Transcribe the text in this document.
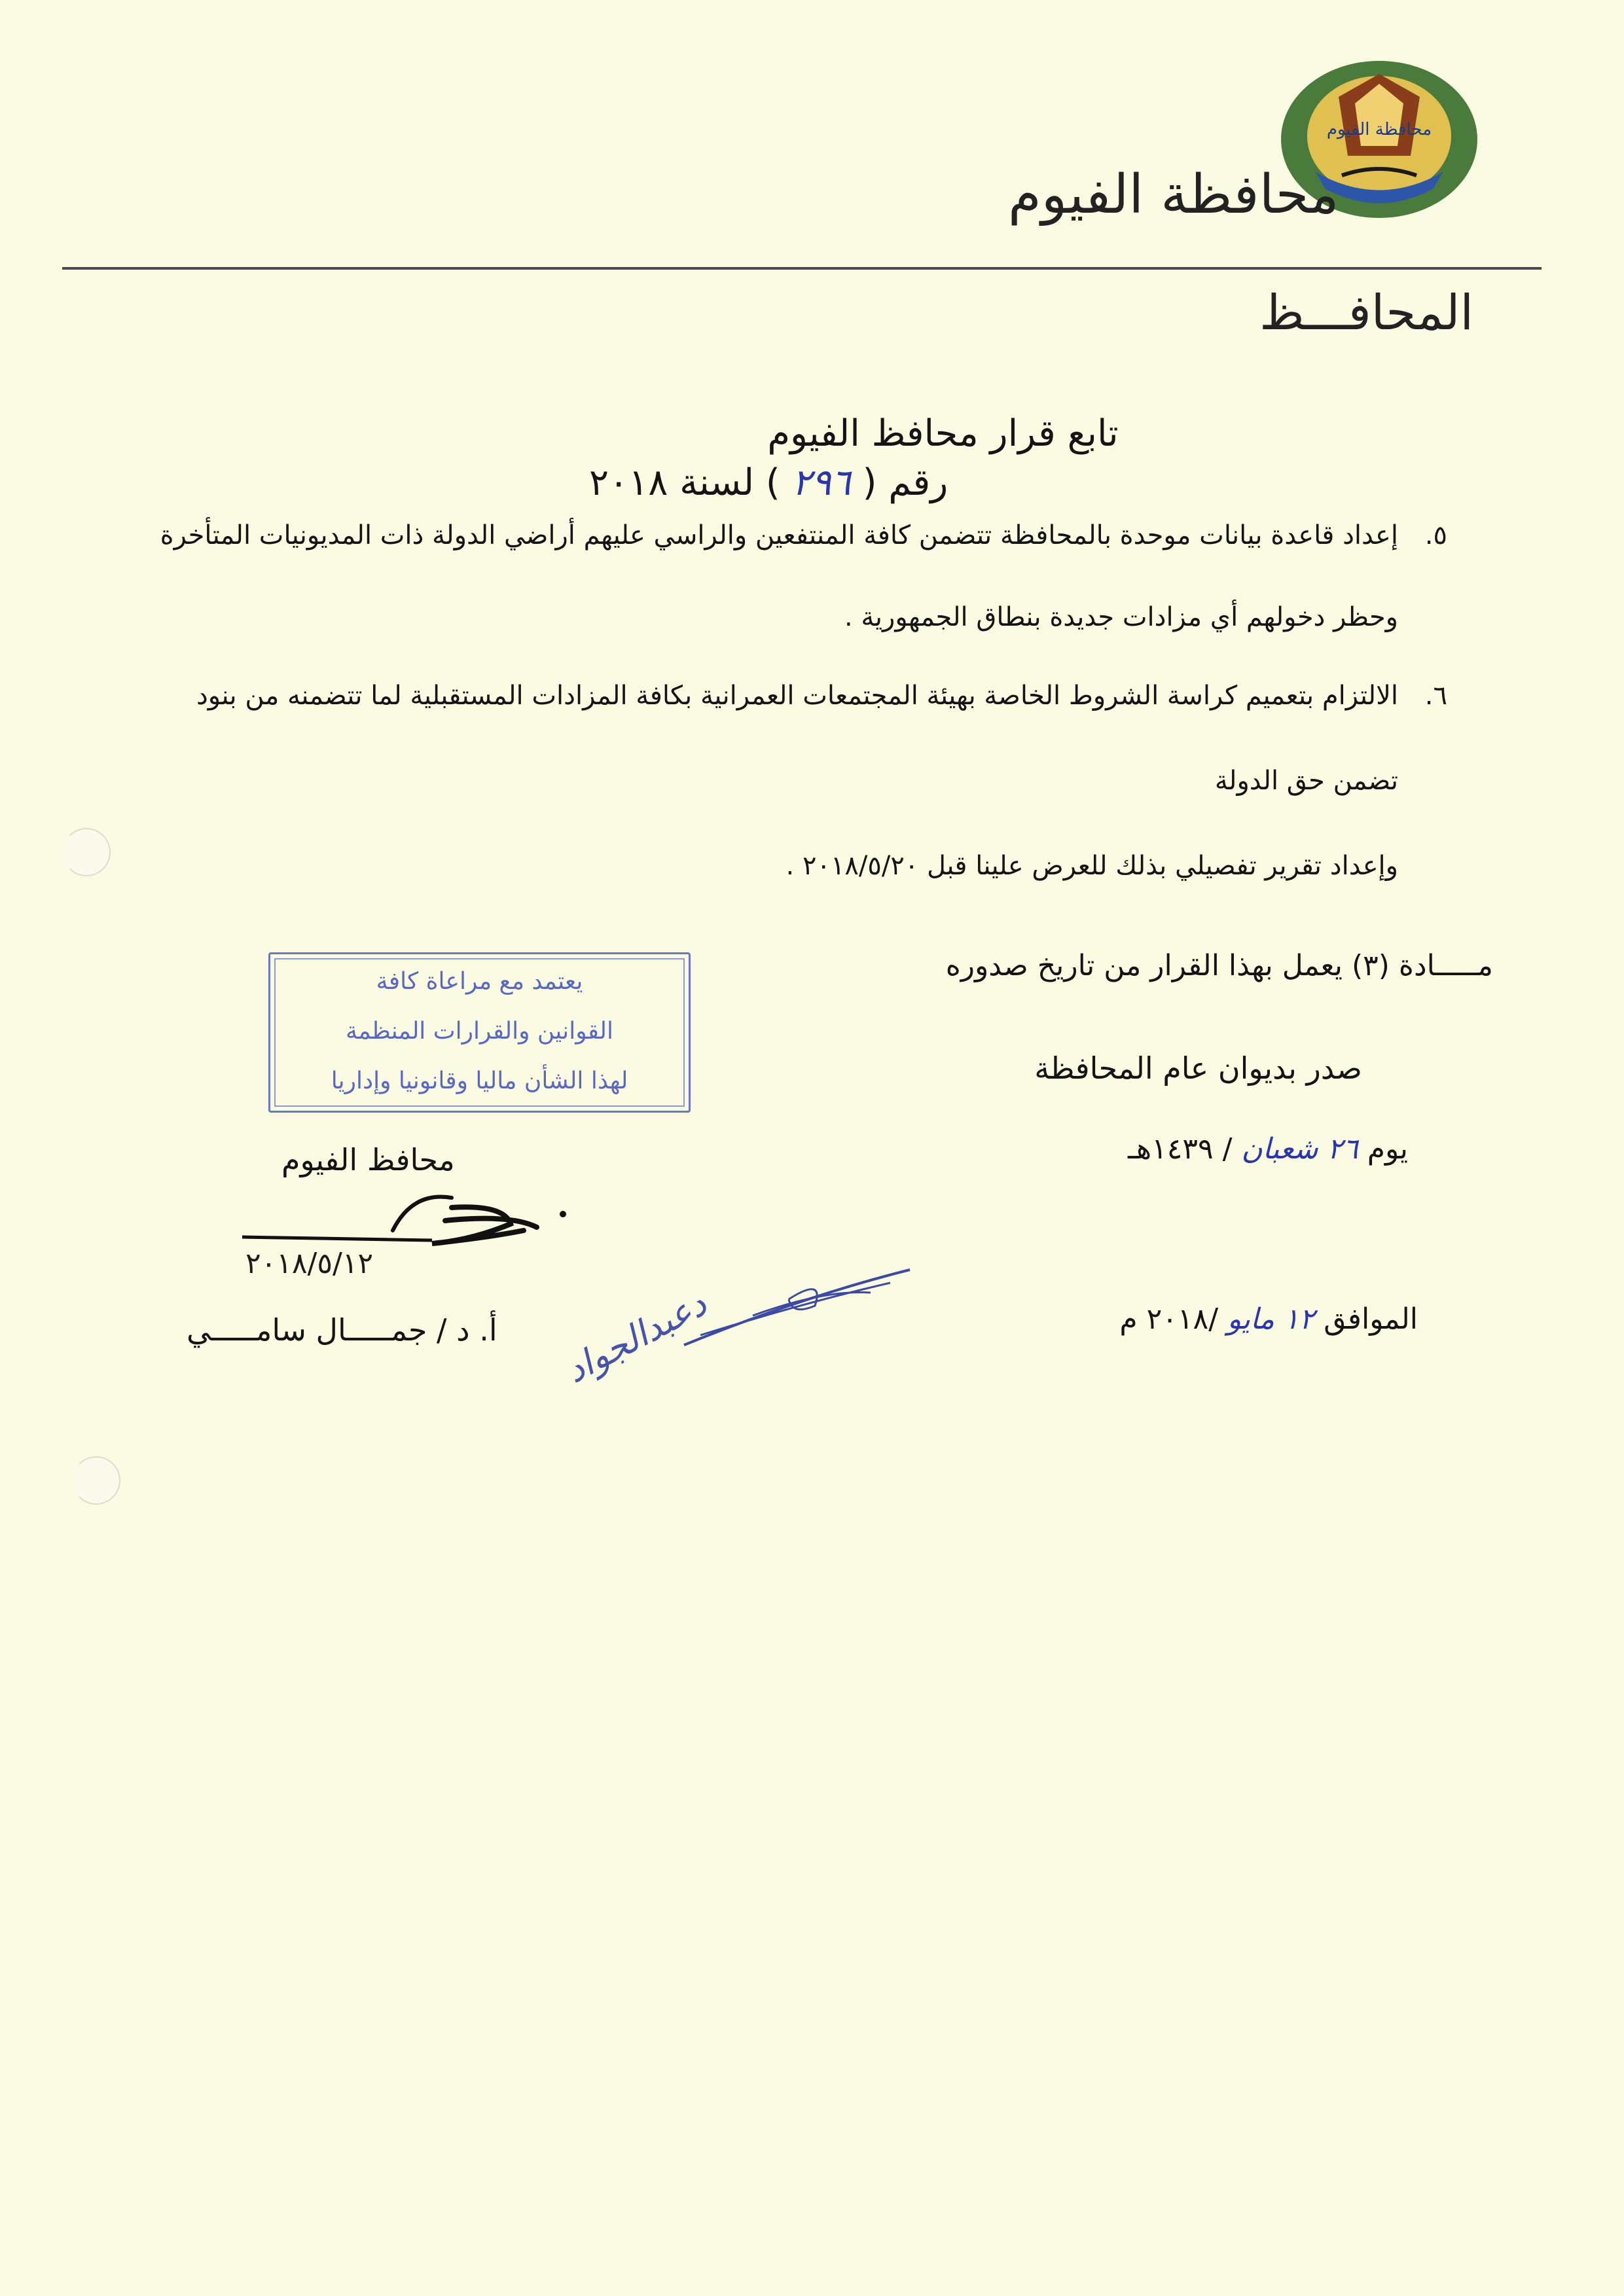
محافظة الفيوم
محافظة الفيوم
المحافـــظ
تابع قرار محافظ الفيوم
رقم ( ٢٩٦ ) لسنة ٢٠١٨
٥.
إعداد قاعدة بيانات موحدة بالمحافظة تتضمن كافة المنتفعين والراسي عليهم أراضي الدولة ذات المديونيات المتأخرة
وحظر دخولهم أي مزادات جديدة بنطاق الجمهورية .
٦.
الالتزام بتعميم كراسة الشروط الخاصة بهيئة المجتمعات العمرانية بكافة المزادات المستقبلية لما تتضمنه من بنود
تضمن حق الدولة
وإعداد تقرير تفصيلي بذلك للعرض علينا قبل ٢٠١٨/٥/٢٠ .
مـــــادة (٣) يعمل بهذا القرار من تاريخ صدوره
صدر بديوان عام المحافظة
يوم ٢٦ شعبان / ١٤٣٩هـ
الموافق ١٢ مايو /٢٠١٨ م
يعتمد مع مراعاة كافة
القوانين والقرارات المنظمة
لهذا الشأن ماليا وقانونيا وإداريا
محافظ الفيوم
٢٠١٨/٥/١٢
أ. د / جمـــــال سامـــــي دعبدالجواد
